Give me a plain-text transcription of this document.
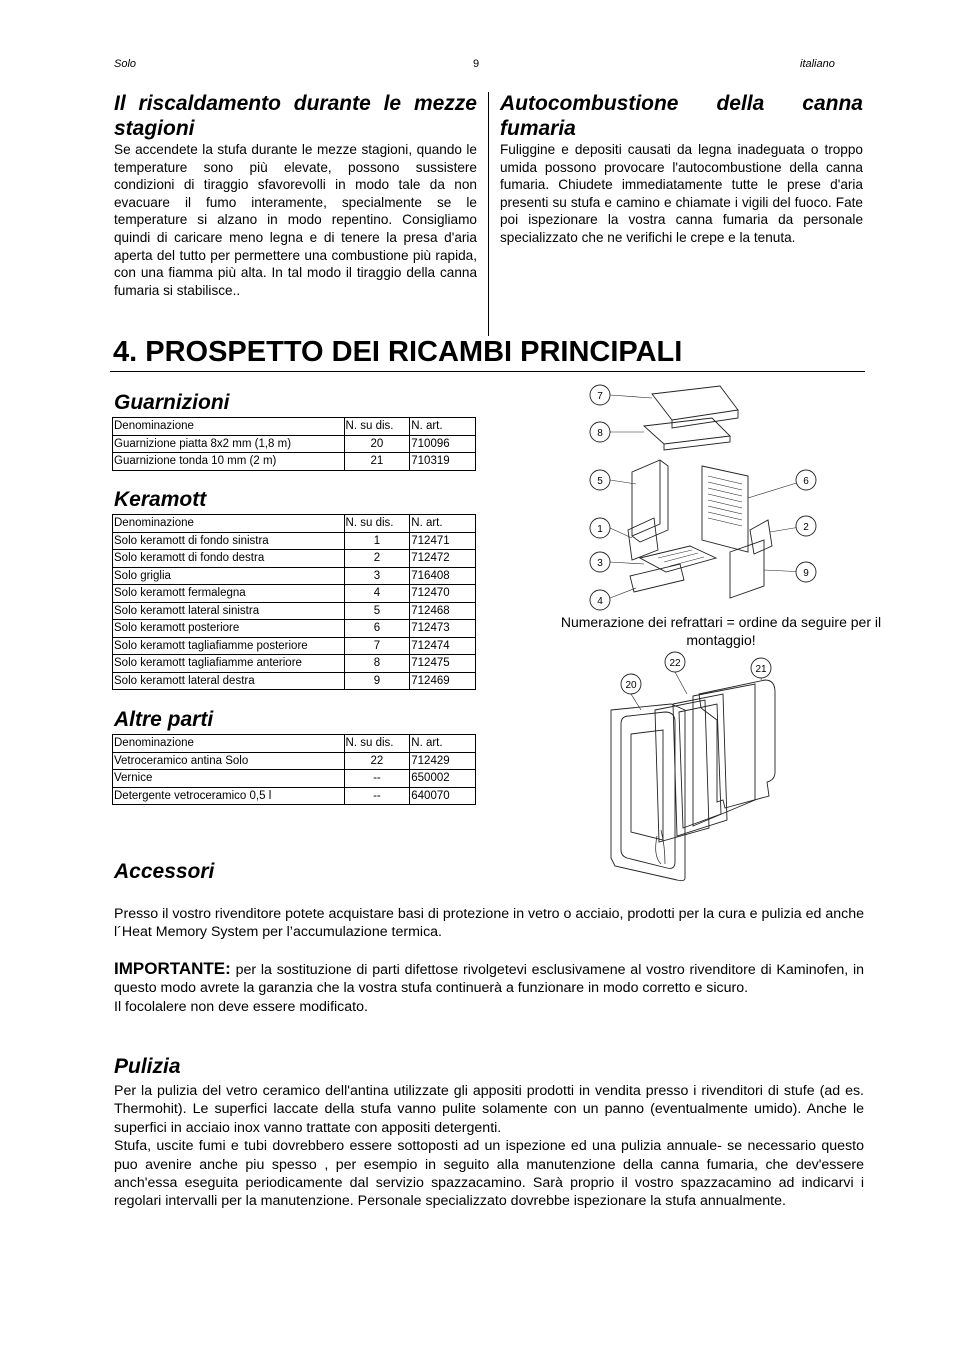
Solo	9	italiano
Il riscaldamento durante le mezze stagioni

Se accendete la stufa durante le mezze stagioni, quando le temperature sono più elevate, possono sussistere condizioni di tiraggio sfavorevolli in modo tale da non evacuare il fumo interamente, specialmente se le temperature si alzano in modo repentino. Consigliamo quindi di caricare meno legna e di tenere la presa d'aria aperta del tutto per permettere una combustione più rapida, con una fiamma più alta. In tal modo il tiraggio della canna fumaria si stabilisce..

Autocombustione della canna fumaria

Fuliggine e depositi causati da legna inadeguata o troppo umida possono provocare l'autocombustione della canna fumaria. Chiudete immediatamente tutte le prese d'aria presenti su stufa e camino e chiamate i vigili del fuoco. Fate poi ispezionare la vostra canna fumaria da personale specializzato che ne verifichi le crepe e la tenuta.

4. PROSPETTO DEI RICAMBI PRINCIPALI
Guarnizioni
Denominazione	N. su dis.	N. art.
Guarnizione piatta 8x2 mm (1,8 m)	20	710096
Guarnizione tonda 10 mm (2 m)	21	710319
Keramott
Denominazione	N. su dis.	N. art.
Solo keramott di fondo sinistra	1	712471
Solo keramott di fondo destra	2	712472
Solo griglia	3	716408
Solo keramott fermalegna	4	712470
Solo keramott lateral sinistra	5	712468
Solo keramott posteriore	6	712473
Solo keramott tagliafiamme posteriore	7	712474
Solo keramott tagliafiamme anteriore	8	712475
Solo keramott lateral destra	9	712469
Altre parti
Denominazione	N. su dis.	N. art.
Vetroceramico antina Solo	22	712429
Vernice	--	650002
Detergente vetroceramico 0,5 l	--	640070
7
8
5	6
1	2
3
9
4
Numerazione dei refrattari = ordine da seguire per il montaggio!
22
21
20
Accessori

Presso il vostro rivenditore potete acquistare basi di protezione in vetro o acciaio, prodotti per la cura e pulizia ed anche l´Heat Memory System per l’accumulazione termica.

IMPORTANTE: per la sostituzione di parti difettose rivolgetevi esclusivamene al vostro rivenditore di Kaminofen, in questo modo avrete la garanzia che la vostra stufa continuerà a funzionare in modo corretto e sicuro.
Il focolalere non deve essere modificato.
Pulizia
Per la pulizia del vetro ceramico dell'antina utilizzate gli appositi prodotti in vendita presso i rivenditori di stufe (ad es. Thermohit). Le superfici laccate della stufa vanno pulite solamente con un panno (eventualmente umido). Anche le superfici in acciaio inox vanno trattate con appositi detergenti.
Stufa, uscite fumi e tubi dovrebbero essere sottoposti ad un ispezione ed una pulizia annuale- se necessario questo puo avenire anche piu spesso , per esempio in seguito alla manutenzione della canna fumaria, che dev'essere anch'essa eseguita periodicamente dal servizio spazzacamino. Sarà proprio il vostro spazzacamino ad indicarvi i regolari intervalli per la manutenzione. Personale specializzato dovrebbe ispezionare la stufa annualmente.
